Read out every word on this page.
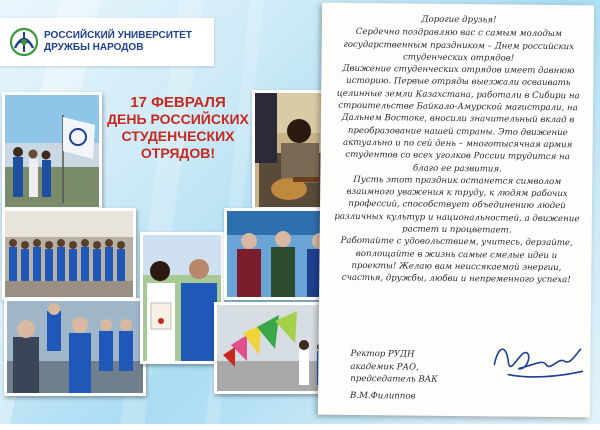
РОССИЙСКИЙ УНИВЕРСИТЕТ
ДРУЖБЫ НАРОДОВ
17 ФЕВРАЛЯ
ДЕНЬ РОССИЙСКИХ СТУДЕНЧЕСКИХ ОТРЯДОВ!

Дорогие друзья!

Сердечно поздравляю вас с самым молодым государственным праздником – Днем российских студенческих отрядов!

Движение студенческих отрядов имеет давнюю историю. Первые отряды выезжали осваивать целинные земли Казахстана, работали в Сибири на строительстве Байкало-Амурской магистрали, на Дальнем Востоке, вносили значительный вклад в преобразование нашей страны. Это движение актуально и по сей день – многотысячная армия студентов со всех уголков России трудится на благо ее развития.

Пусть этот праздник останется символом взаимного уважения к труду, к людям рабочих профессий, способствует объединению людей различных культур и национальностей, а движение растет и процветает.

Работайте с удовольствием, учитесь, дерзайте, воплощайте в жизнь самые смелые идеи и проекты! Желаю вам неиссякаемой энергии, счастья, дружбы, любви и непременного успеха!

Ректор РУДН
академик РАО,
председатель ВАК
В.М.Филиппов
